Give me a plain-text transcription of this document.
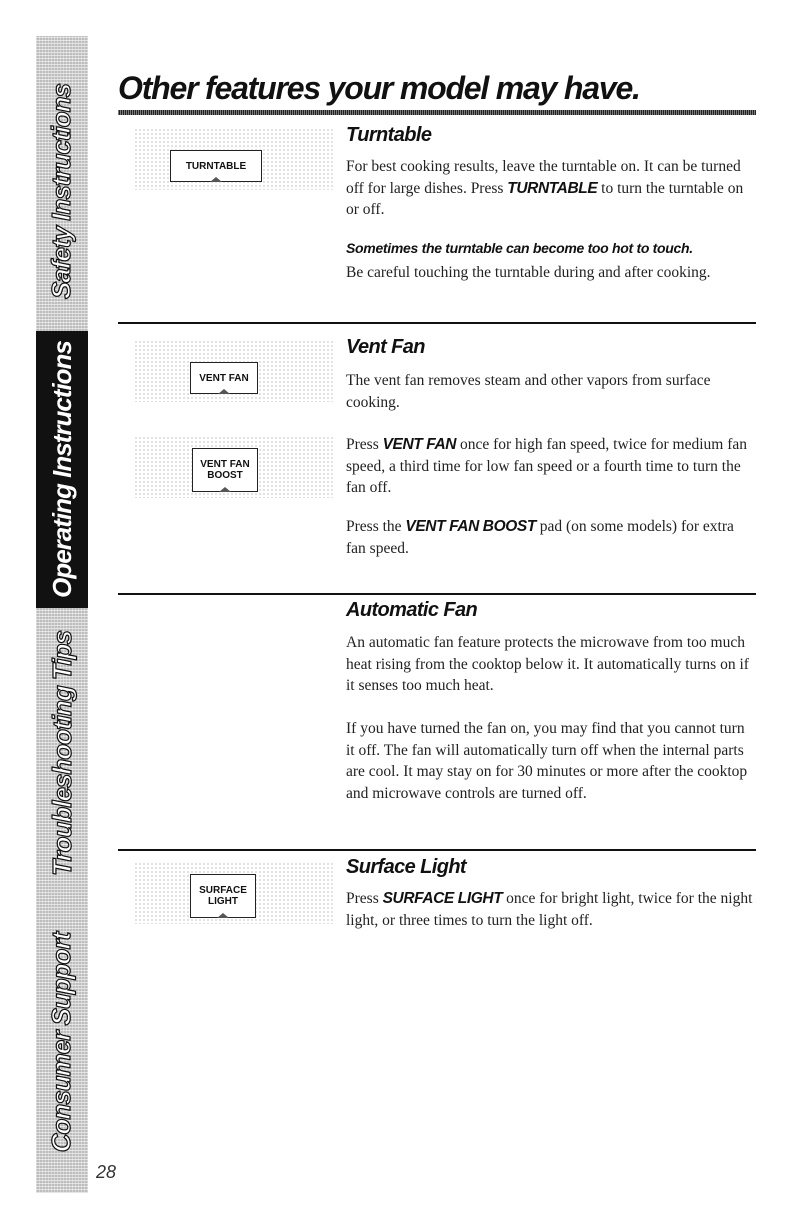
Safety Instructions
Operating Instructions
Troubleshooting Tips
Consumer Support
Other features your model may have.
TURNTABLE
Turntable

For best cooking results, leave the turntable on. It can be turned off for large dishes. Press TURNTABLE to turn the turntable on or off.

Sometimes the turntable can become too hot to touch.

Be careful touching the turntable during and after cooking.

VENT FAN
VENT FAN
BOOST
Vent Fan

The vent fan removes steam and other vapors from surface cooking.

Press VENT FAN once for high fan speed, twice for medium fan speed, a third time for low fan speed or a fourth time to turn the fan off.

Press the VENT FAN BOOST pad (on some models) for extra fan speed.

Automatic Fan

An automatic fan feature protects the microwave from too much heat rising from the cooktop below it. It automatically turns on if it senses too much heat.

If you have turned the fan on, you may find that you cannot turn it off. The fan will automatically turn off when the internal parts are cool. It may stay on for 30 minutes or more after the cooktop and microwave controls are turned off.

SURFACE
LIGHT
Surface Light

Press SURFACE LIGHT once for bright light, twice for the night light, or three times to turn the light off.

28
